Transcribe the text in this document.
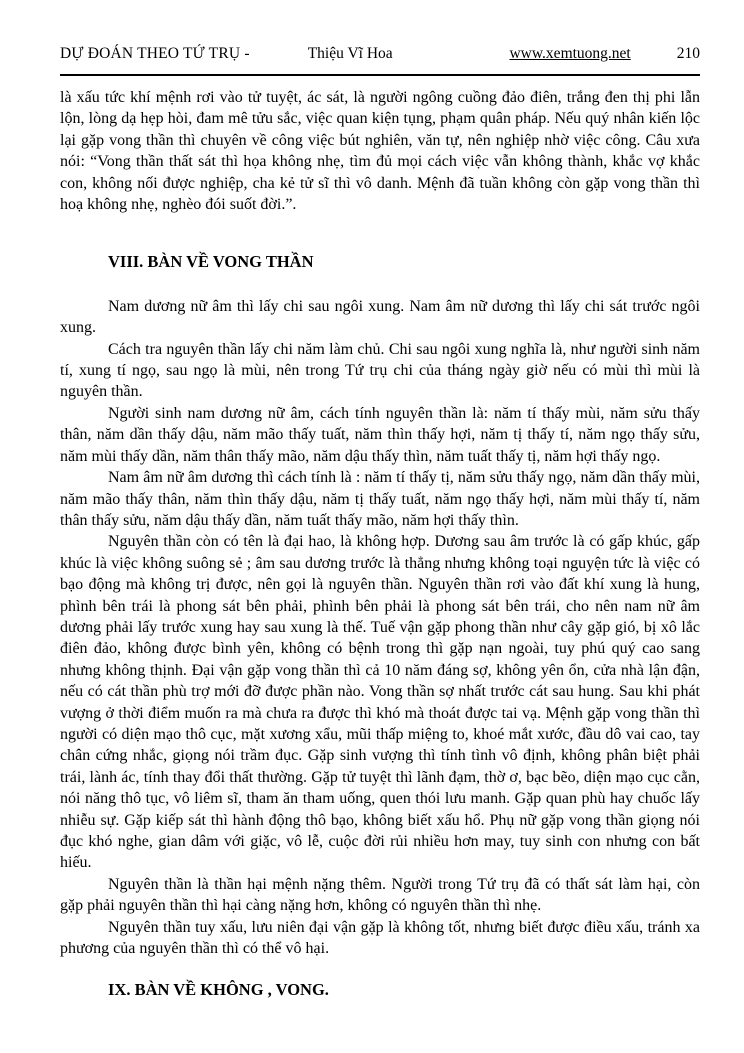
DỰ ĐOÁN THEO TỨ TRỤ -	Thiệu Vĩ Hoa	www.xemtuong.net	210

là xấu tức khí mệnh rơi vào tử tuyệt, ác sát, là người ngông cuồng đảo điên, trắng đen thị phi lẫn lộn, lòng dạ hẹp hòi, đam mê tửu sắc, việc quan kiện tụng, phạm quân pháp. Nếu quý nhân kiến lộc lại gặp vong thần thì chuyên về công việc bút nghiên, văn tự, nên nghiệp nhờ việc công. Câu xưa nói: “Vong thần thất sát thì họa không nhẹ, tìm đủ mọi cách việc vẫn không thành, khắc vợ khắc con, không nối được nghiệp, cha kẻ tử sĩ thì vô danh. Mệnh đã tuần không còn gặp vong thần thì hoạ không nhẹ, nghèo đói suốt đời.”.

VIII. BÀN VỀ VONG THẦN

Nam dương nữ âm thì lấy chi sau ngôi xung. Nam âm nữ dương thì lấy chi sát trước ngôi xung.

Cách tra nguyên thần lấy chi năm làm chủ. Chi sau ngôi xung nghĩa là, như người sinh năm tí, xung tí ngọ, sau ngọ là mùi, nên trong Tứ trụ chi của tháng ngày giờ nếu có mùi thì mùi là nguyên thần.

Người sinh nam dương nữ âm, cách tính nguyên thần là: năm tí thấy mùi, năm sửu thấy thân, năm dần thấy dậu, năm mão thấy tuất, năm thìn thấy hợi, năm tị thấy tí, năm ngọ thấy sửu, năm mùi thấy dần, năm thân thấy mão, năm dậu thấy thìn, năm tuất thấy tị, năm hợi thấy ngọ.

Nam âm nữ âm dương thì cách tính là : năm tí thấy tị, năm sửu thấy ngọ, năm dần thấy mùi, năm mão thấy thân, năm thìn thấy dậu, năm tị thấy tuất, năm ngọ thấy hợi, năm mùi thấy tí, năm thân thấy sửu, năm dậu thấy dần, năm tuất thấy mão, năm hợi thấy thìn.

Nguyên thần còn có tên là đại hao, là không hợp. Dương sau âm trước là có gấp khúc, gấp khúc là việc không suông sẻ ; âm sau dương trước là thẳng nhưng không toại nguyện tức là việc có bạo động mà không trị được, nên gọi là nguyên thần. Nguyên thần rơi vào đất khí xung là hung, phình bên trái là phong sát bên phải, phình bên phải là phong sát bên trái, cho nên nam nữ âm dương phải lấy trước xung hay sau xung là thế. Tuế vận gặp phong thần như cây gặp gió, bị xô lắc điên đảo, không được bình yên, không có bệnh trong thì gặp nạn ngoài, tuy phú quý cao sang nhưng không thịnh. Đại vận gặp vong thần thì cả 10 năm đáng sợ, không yên ổn, cửa nhà lận đận, nếu có cát thần phù trợ mới đỡ được phần nào. Vong thần sợ nhất trước cát sau hung. Sau khi phát vượng ở thời điểm muốn ra mà chưa ra được thì khó mà thoát được tai vạ. Mệnh gặp vong thần thì người có diện mạo thô cục, mặt xương xẩu, mũi thấp miệng to, khoé mắt xước, đầu dô vai cao, tay chân cứng nhắc, giọng nói trầm đục. Gặp sinh vượng thì tính tình vô định, không phân biệt phải trái, lành ác, tính thay đổi thất thường. Gặp tử tuyệt thì lãnh đạm, thờ ơ, bạc bẽo, diện mạo cục cằn, nói năng thô tục, vô liêm sĩ, tham ăn tham uống, quen thói lưu manh. Gặp quan phù hay chuốc lấy nhiễu sự. Gặp kiếp sát thì hành động thô bạo, không biết xấu hổ. Phụ nữ gặp vong thần giọng nói đục khó nghe, gian dâm với giặc, vô lễ, cuộc đời rủi nhiều hơn may, tuy sinh con nhưng con bất hiếu.

Nguyên thần là thần hại mệnh nặng thêm. Người trong Tứ trụ đã có thất sát làm hại, còn gặp phải nguyên thần thì hại càng nặng hơn, không có nguyên thần thì nhẹ.

Nguyên thần tuy xấu, lưu niên đại vận gặp là không tốt, nhưng biết được điều xấu, tránh xa phương của nguyên thần thì có thể vô hại.

IX. BÀN VỀ KHÔNG , VONG.
